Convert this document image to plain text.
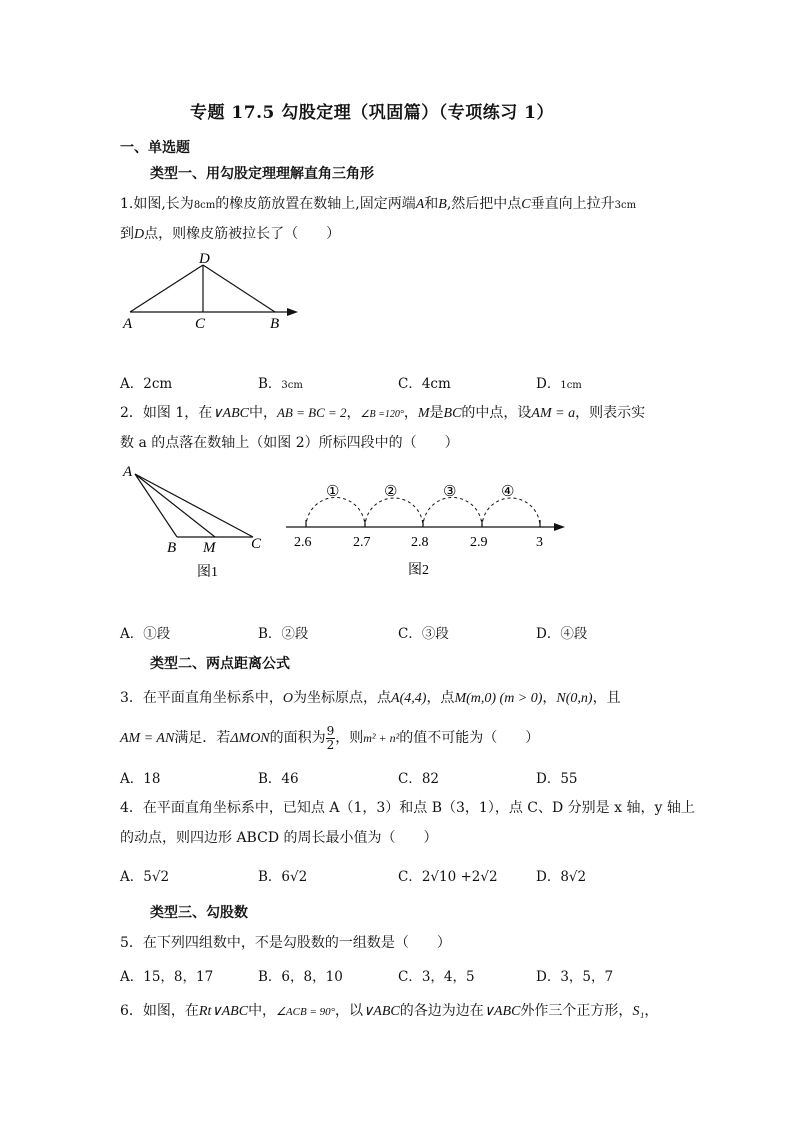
专题 17.5 勾股定理（巩固篇）（专项练习 1）
一、单选题
类型一、用勾股定理理解直角三角形
1.如图,长为8cm的橡皮筋放置在数轴上,固定两端A和B,然后把中点C垂直向上拉升3cm
到D点，则橡皮筋被拉长了（　　）
D
A	C	B
A．2cm	B．3cm	C．4cm	D．1cm
2．如图 1，在∨ABC中，AB = BC = 2，∠B =120°，M是BC的中点，设AM = a，则表示实
数 a 的点落在数轴上（如图 2）所标四段中的（　　）
A
B M C
图1
①	②	③	④
2.6	2.7	2.8	2.9	3
图2
A．①段	B．②段	C．③段	D．④段
类型二、两点距离公式
3．在平面直角坐标系中，O为坐标原点，点A(4,4)，点M(m,0) (m > 0)，N(0,n)，且
AM = AN满足．若ΔMON的面积为 $\frac{9}{2}$ ，则m² + n²的值不可能为（　　）
A．18	B．46	C．82	D．55
4．在平面直角坐标系中，已知点 A（1，3）和点 B（3，1），点 C、D 分别是 x 轴，y 轴上
的动点，则四边形 ABCD 的周长最小值为（　　）
A．5√2	B．6√2	C．2√10 +2√2	D．8√2
类型三、勾股数
5．在下列四组数中，不是勾股数的一组数是（　　）
A．15，8，17	B．6，8，10	C．3，4，5	D．3，5，7
6．如图，在Rt∨ABC中，∠ACB = 90°，以∨ABC的各边为边在∨ABC外作三个正方形，S₁，
